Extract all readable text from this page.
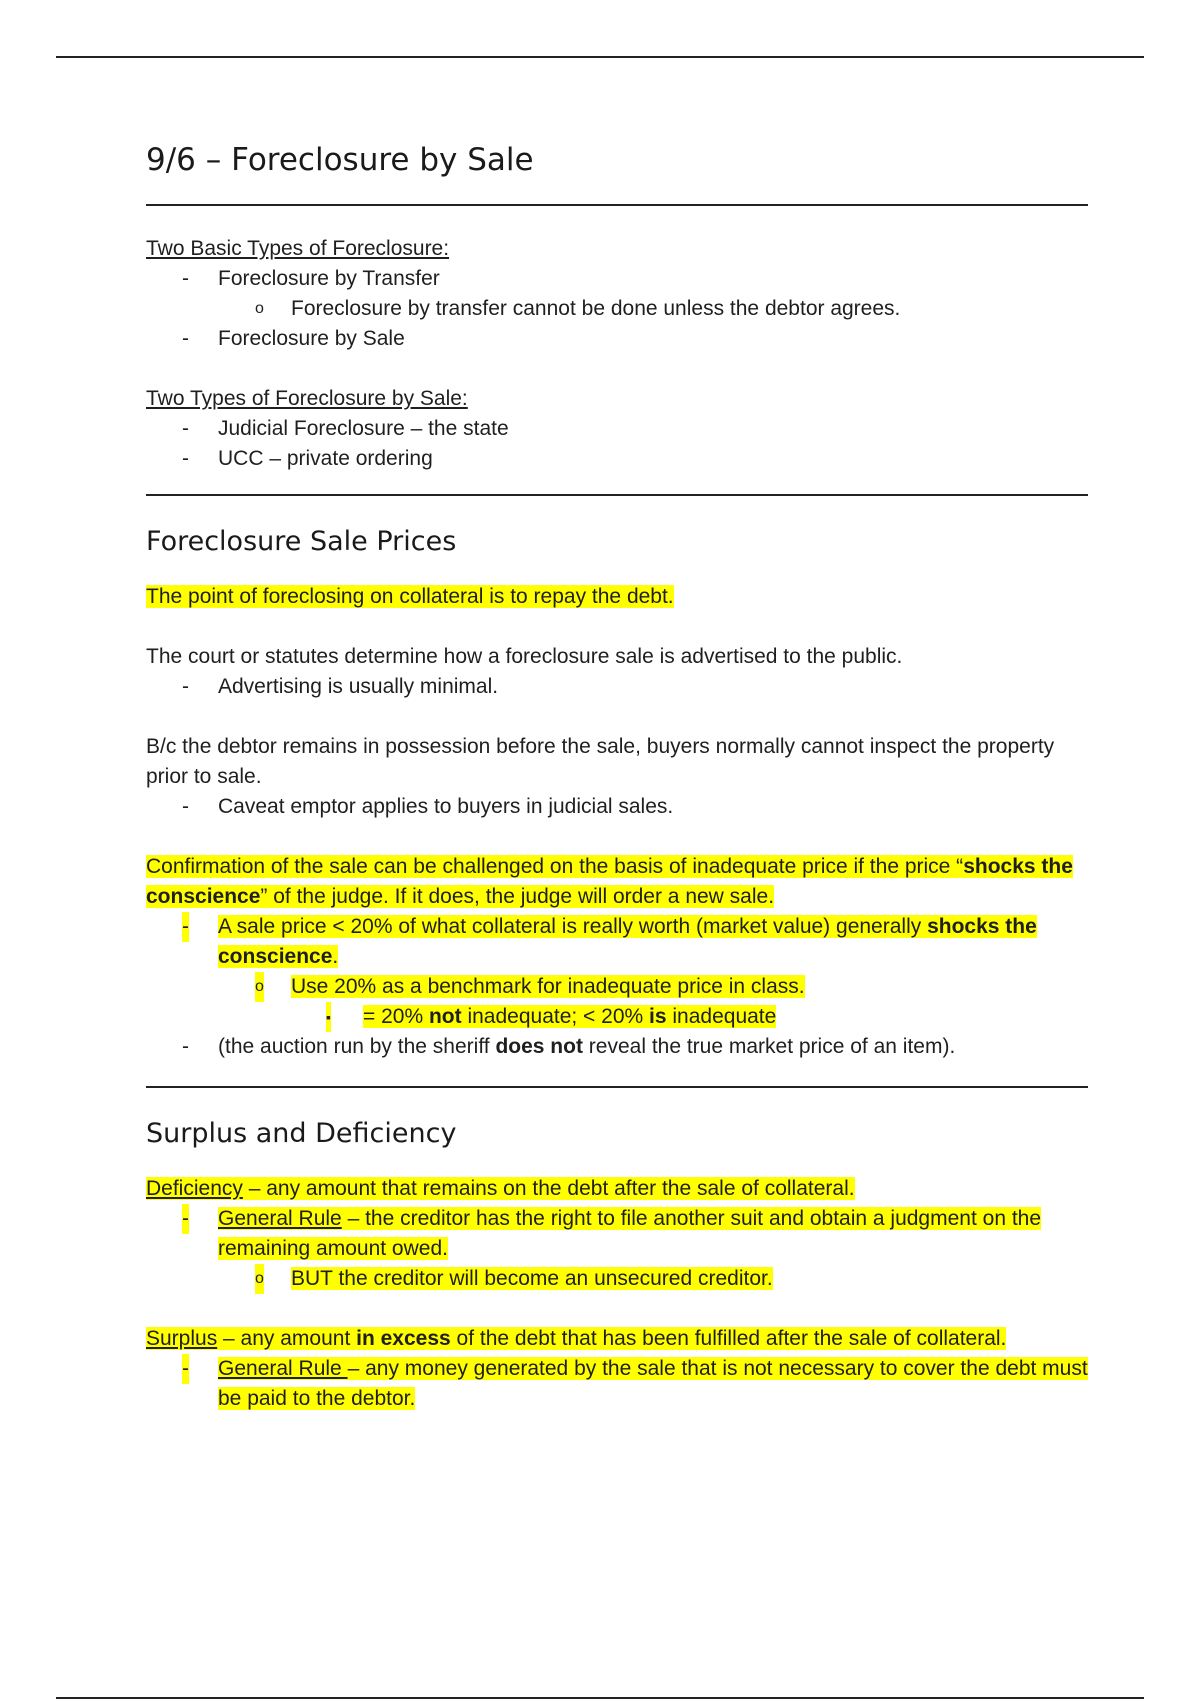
9/6 – Foreclosure by Sale

Two Basic Types of Foreclosure:

- Foreclosure by Transfer
o Foreclosure by transfer cannot be done unless the debtor agrees.
- Foreclosure by Sale

Two Types of Foreclosure by Sale:

- Judicial Foreclosure – the state
- UCC – private ordering
Foreclosure Sale Prices

The point of foreclosing on collateral is to repay the debt.

The court or statutes determine how a foreclosure sale is advertised to the public.

- Advertising is usually minimal.

B/c the debtor remains in possession before the sale, buyers normally cannot inspect the property prior to sale.

- Caveat emptor applies to buyers in judicial sales.

Confirmation of the sale can be challenged on the basis of inadequate price if the price “shocks the conscience” of the judge. If it does, the judge will order a new sale.

- A sale price < 20% of what collateral is really worth (market value) generally shocks the conscience.
o Use 20% as a benchmark for inadequate price in class.
▪ = 20% not inadequate; < 20% is inadequate
- (the auction run by the sheriff does not reveal the true market price of an item).
Surplus and Deficiency

Deficiency – any amount that remains on the debt after the sale of collateral.

- General Rule – the creditor has the right to file another suit and obtain a judgment on the remaining amount owed.
o BUT the creditor will become an unsecured creditor.

Surplus – any amount in excess of the debt that has been fulfilled after the sale of collateral.

- General Rule – any money generated by the sale that is not necessary to cover the debt must be paid to the debtor.
